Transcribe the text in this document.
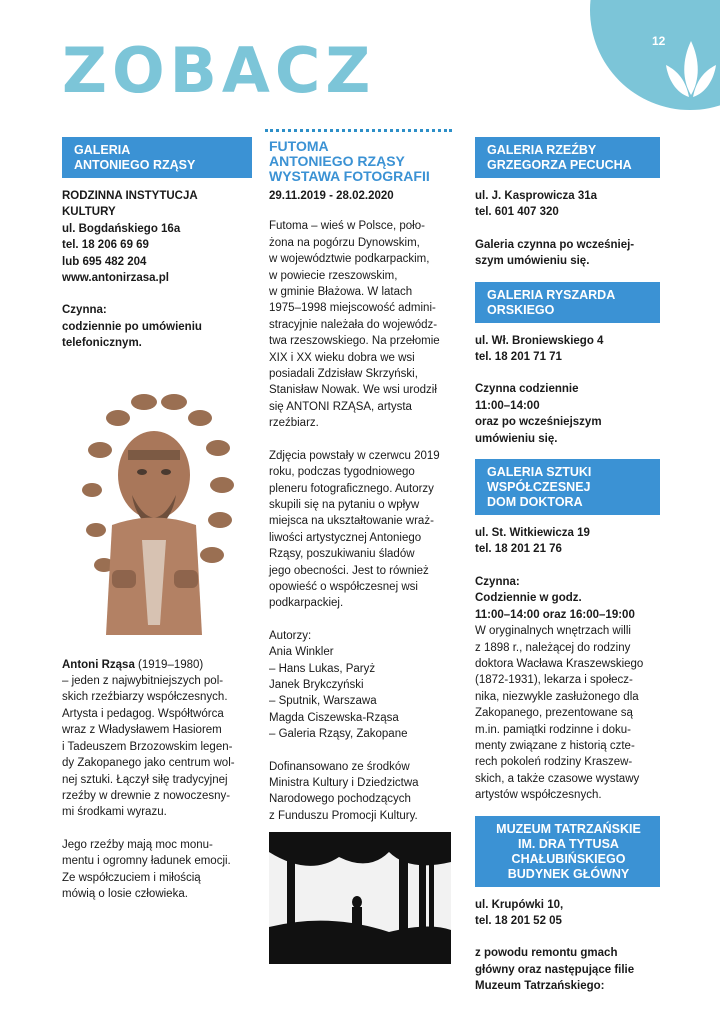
12
ZOBACZ
GALERIA
ANTONIEGO RZĄSY

RODZINNA INSTYTUCJA
KULTURY
ul. Bogdańskiego 16a
tel. 18 206 69 69
lub 695 482 204
www.antonirzasa.pl

Czynna:
codziennie po umówieniu
telefonicznym.

Antoni Rząsa (1919–1980)
– jeden z najwybitniejszych pol-
skich rzeźbiarzy współczesnych.
Artysta i pedagog. Współtwórca
wraz z Władysławem Hasiorem
i Tadeuszem Brzozowskim legen-
dy Zakopanego jako centrum wol-
nej sztuki. Łączył siłę tradycyjnej
rzeźby w drewnie z nowoczesny-
mi środkami wyrazu.

Jego rzeźby mają moc monu-
mentu i ogromny ładunek emocji.
Ze współczuciem i miłością
mówią o losie człowieka.

FUTOMA
ANTONIEGO RZĄSY
WYSTAWA FOTOGRAFII
29.11.2019 - 28.02.2020

Futoma – wieś w Polsce, poło-
żona na pogórzu Dynowskim,
w województwie podkarpackim,
w powiecie rzeszowskim,
w gminie Błażowa. W latach
1975–1998 miejscowość admini-
stracyjnie należała do wojewódz-
twa rzeszowskiego. Na przełomie
XIX i XX wieku dobra we wsi
posiadali Zdzisław Skrzyński,
Stanisław Nowak. We wsi urodził
się ANTONI RZĄSA, artysta
rzeźbiarz.

Zdjęcia powstały w czerwcu 2019
roku, podczas tygodniowego
pleneru fotograficznego. Autorzy
skupili się na pytaniu o wpływ
miejsca na ukształtowanie wraż-
liwości artystycznej Antoniego
Rząsy, poszukiwaniu śladów
jego obecności. Jest to również
opowieść o współczesnej wsi
podkarpackiej.

Autorzy:
Ania Winkler
– Hans Lukas, Paryż
Janek Brykczyński
– Sputnik, Warszawa
Magda Ciszewska-Rząsa
– Galeria Rząsy, Zakopane

Dofinansowano ze środków
Ministra Kultury i Dziedzictwa
Narodowego pochodzących
z Funduszu Promocji Kultury.

GALERIA RZEŹBY
GRZEGORZA PECUCHA

ul. J. Kasprowicza 31a
tel. 601 407 320

Galeria czynna po wcześniej-
szym umówieniu się.

GALERIA RYSZARDA
ORSKIEGO

ul. Wł. Broniewskiego 4
tel. 18 201 71 71

Czynna codziennie
11:00–14:00
oraz po wcześniejszym
umówieniu się.

GALERIA SZTUKI
WSPÓŁCZESNEJ
DOM DOKTORA

ul. St. Witkiewicza 19
tel. 18 201 21 76

Czynna:
Codziennie w godz.
11:00–14:00 oraz 16:00–19:00

W oryginalnych wnętrzach willi
z 1898 r., należącej do rodziny
doktora Wacława Kraszewskiego
(1872-1931), lekarza i społecz-
nika, niezwykle zasłużonego dla
Zakopanego, prezentowane są
m.in. pamiątki rodzinne i doku-
menty związane z historią czte-
rech pokoleń rodziny Kraszew-
skich, a także czasowe wystawy
artystów współczesnych.

MUZEUM TATRZAŃSKIE
IM. DRA TYTUSA
CHAŁUBIŃSKIEGO
BUDYNEK GŁÓWNY

ul. Krupówki 10,
tel. 18 201 52 05

z powodu remontu gmach
główny oraz następujące filie
Muzeum Tatrzańskiego:
